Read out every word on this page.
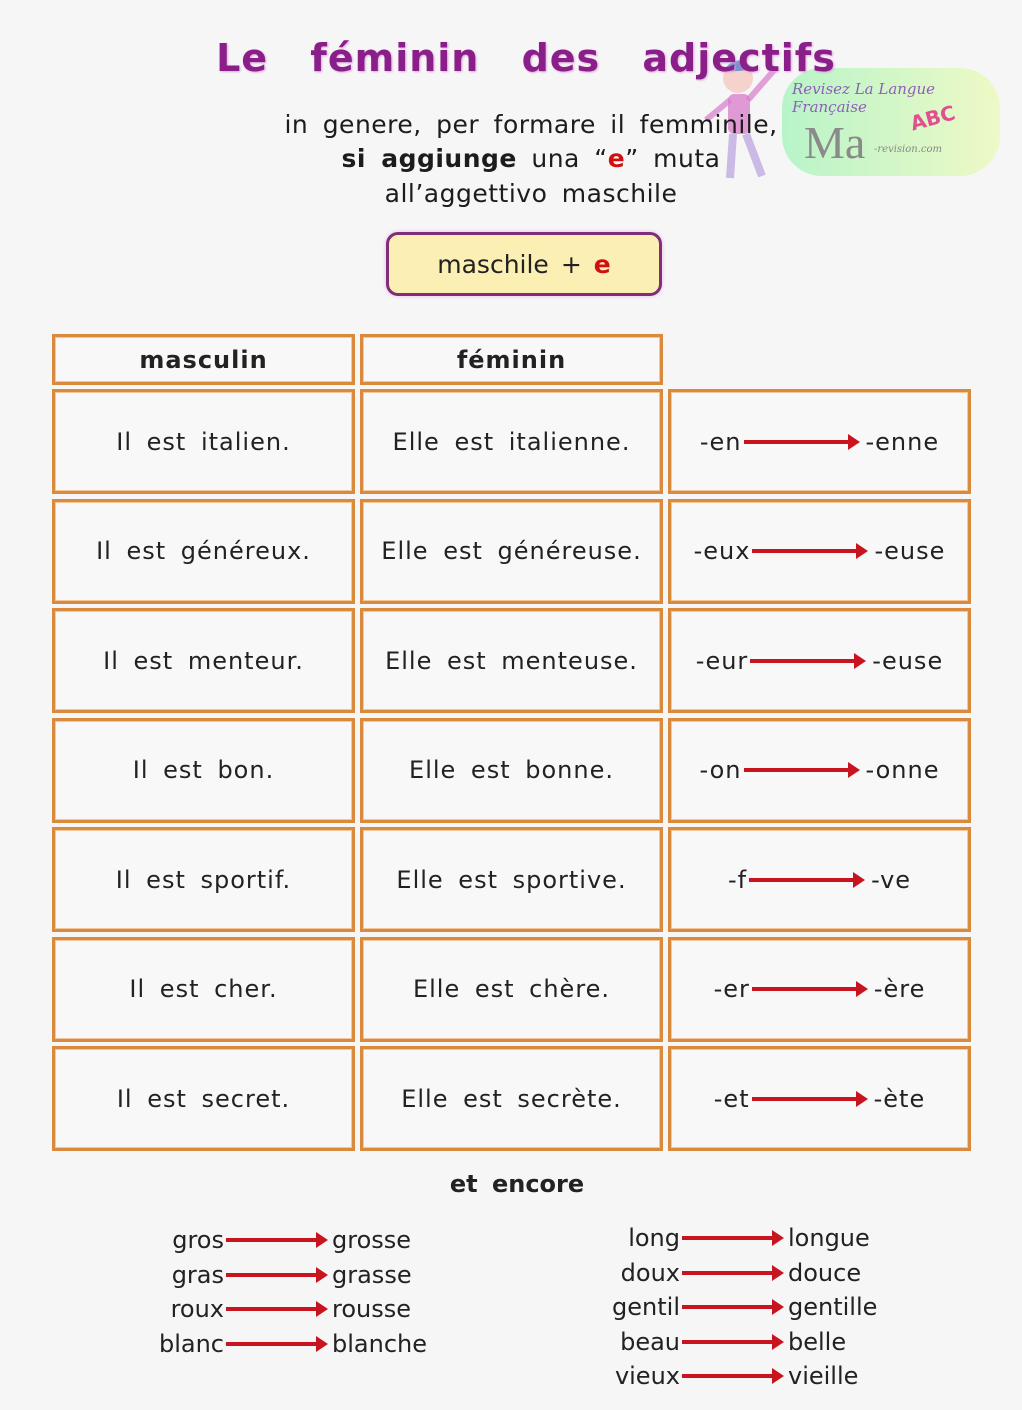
Revisez La Langue Française
Ma -revision.com
ABC
Le féminin des adjectifs
in genere, per formare il femminile,
si aggiunge una “e” muta
all’aggettivo maschile
maschile + e
masculin	féminin
Il est italien.	Elle est italienne.	-en	-enne
Il est généreux.	Elle est généreuse.	-eux	-euse
Il est menteur.	Elle est menteuse.	-eur	-euse
Il est bon.	Elle est bonne.	-on	-onne
Il est sportif.	Elle est sportive.	-f	-ve
Il est cher.	Elle est chère.	-er	-ère
Il est secret.	Elle est secrète.	-et	-ète
et encore
gros	grosse
gras	grasse
roux	rousse
blanc	blanche
long	longue
doux	douce
gentil	gentille
beau	belle
vieux	vieille
